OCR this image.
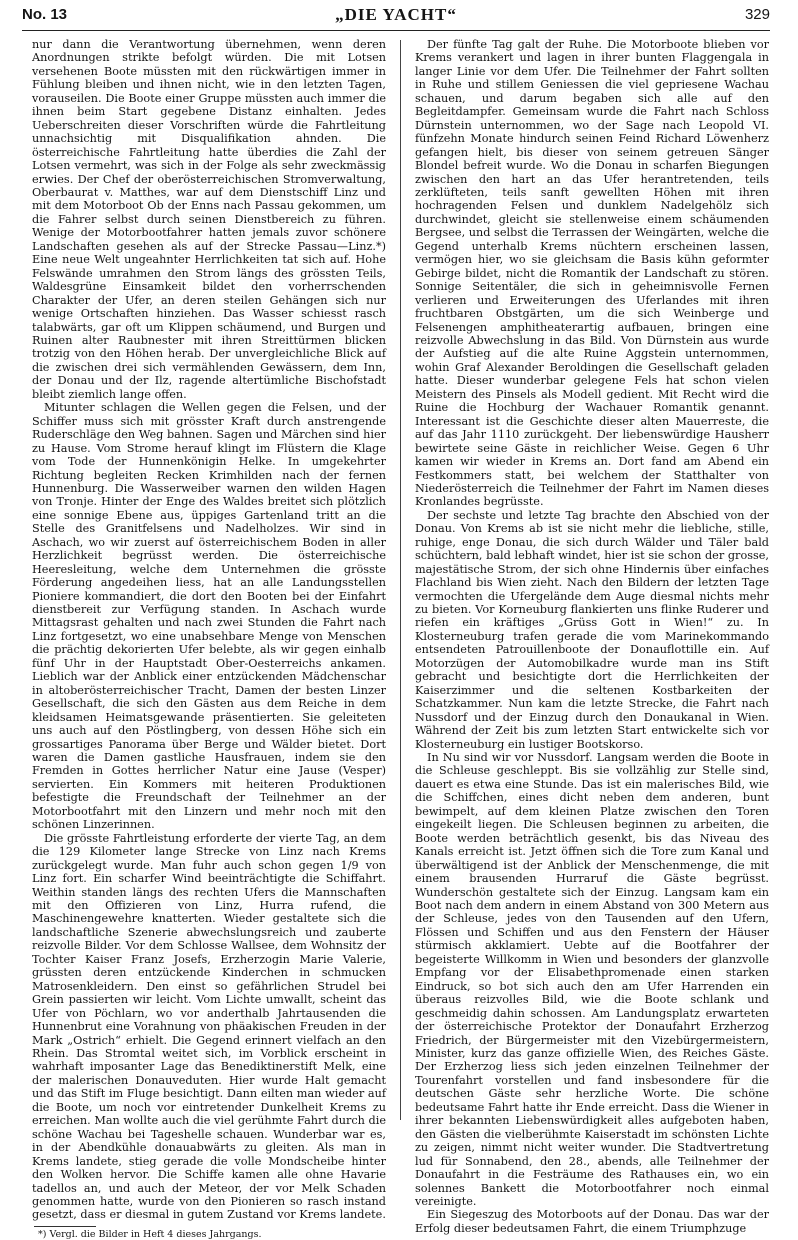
No. 13	„DIE YACHT“	329

nur dann die Verantwortung übernehmen, wenn deren Anordnungen strikte befolgt würden. Die mit Lotsen versehenen Boote müssten mit den rückwärtigen immer in Fühlung bleiben und ihnen nicht, wie in den letzten Tagen, vorauseilen. Die Boote einer Gruppe müssten auch immer die ihnen beim Start gegebene Distanz einhalten. Jedes Ueberschreiten dieser Vorschriften würde die Fahrtleitung unnachsichtig mit Disqualifikation ahnden. Die österreichische Fahrtleitung hatte überdies die Zahl der Lotsen vermehrt, was sich in der Folge als sehr zweckmässig erwies. Der Chef der oberösterreichischen Stromverwaltung, Oberbaurat v. Matthes, war auf dem Dienstschiff Linz und mit dem Motorboot Ob der Enns nach Passau gekommen, um die Fahrer selbst durch seinen Dienstbereich zu führen. Wenige der Motorbootfahrer hatten jemals zuvor schönere Landschaften gesehen als auf der Strecke Passau—Linz.*) Eine neue Welt ungeahnter Herrlichkeiten tat sich auf. Hohe Felswände umrahmen den Strom längs des grössten Teils, Waldesgrüne Einsamkeit bildet den vorherrschenden Charakter der Ufer, an deren steilen Gehängen sich nur wenige Ortschaften hinziehen. Das Wasser schiesst rasch talabwärts, gar oft um Klippen schäumend, und Burgen und Ruinen alter Raubnester mit ihren Streittürmen blicken trotzig von den Höhen herab. Der unvergleichliche Blick auf die zwischen drei sich vermählenden Gewässern, dem Inn, der Donau und der Ilz, ragende altertümliche Bischofstadt bleibt ziemlich lange offen.

Mitunter schlagen die Wellen gegen die Felsen, und der Schiffer muss sich mit grösster Kraft durch anstrengende Ruderschläge den Weg bahnen. Sagen und Märchen sind hier zu Hause. Vom Strome herauf klingt im Flüstern die Klage vom Tode der Hunnenkönigin Helke. In umgekehrter Richtung begleiten Recken Krimhilden nach der fernen Hunnenburg. Die Wasserweiber warnen den wilden Hagen von Tronje. Hinter der Enge des Waldes breitet sich plötzlich eine sonnige Ebene aus, üppiges Gartenland tritt an die Stelle des Granitfelsens und Nadelholzes. Wir sind in Aschach, wo wir zuerst auf österreichischem Boden in aller Herzlichkeit begrüsst werden. Die österreichische Heeresleitung, welche dem Unternehmen die grösste Förderung angedeihen liess, hat an alle Landungsstellen Pioniere kommandiert, die dort den Booten bei der Einfahrt dienstbereit zur Verfügung standen. In Aschach wurde Mittagsrast gehalten und nach zwei Stunden die Fahrt nach Linz fortgesetzt, wo eine unabsehbare Menge von Menschen die prächtig dekorierten Ufer belebte, als wir gegen einhalb fünf Uhr in der Hauptstadt Ober-Oesterreichs ankamen. Lieblich war der Anblick einer entzückenden Mädchenschar in altoberösterreichischer Tracht, Damen der besten Linzer Gesellschaft, die sich den Gästen aus dem Reiche in dem kleidsamen Heimatsgewande präsentierten. Sie geleiteten uns auch auf den Pöstlingberg, von dessen Höhe sich ein grossartiges Panorama über Berge und Wälder bietet. Dort waren die Damen gastliche Hausfrauen, indem sie den Fremden in Gottes herrlicher Natur eine Jause (Vesper) servierten. Ein Kommers mit heiteren Produktionen befestigte die Freundschaft der Teilnehmer an der Motorbootfahrt mit den Linzern und mehr noch mit den schönen Linzerinnen.

Die grösste Fahrtleistung erforderte der vierte Tag, an dem die 129 Kilometer lange Strecke von Linz nach Krems zurückgelegt wurde. Man fuhr auch schon gegen 1/9 von Linz fort. Ein scharfer Wind beeinträchtigte die Schiffahrt. Weithin standen längs des rechten Ufers die Mannschaften mit den Offizieren von Linz, Hurra rufend, die Maschinengewehre knatterten. Wieder gestaltete sich die landschaftliche Szenerie abwechslungsreich und zauberte reizvolle Bilder. Vor dem Schlosse Wallsee, dem Wohnsitz der Tochter Kaiser Franz Josefs, Erzherzogin Marie Valerie, grüssten deren entzückende Kinderchen in schmucken Matrosenkleidern. Den einst so gefährlichen Strudel bei Grein passierten wir leicht. Vom Lichte umwallt, scheint das Ufer von Pöchlarn, wo vor anderthalb Jahrtausenden die Hunnenbrut eine Vorahnung von phäakischen Freuden in der Mark „Ostrich“ erhielt. Die Gegend erinnert vielfach an den Rhein. Das Stromtal weitet sich, im Vorblick erscheint in wahrhaft imposanter Lage das Benediktinerstift Melk, eine der malerischen Donauveduten. Hier wurde Halt gemacht und das Stift im Fluge besichtigt. Dann eilten man wieder auf die Boote, um noch vor eintretender Dunkelheit Krems zu erreichen. Man wollte auch die viel gerühmte Fahrt durch die schöne Wachau bei Tageshelle schauen. Wunderbar war es, in der Abendkühle donauabwärts zu gleiten. Als man in Krems landete, stieg gerade die volle Mondscheibe hinter den Wolken hervor. Die Schiffe kamen alle ohne Havarie tadellos an, und auch der Meteor, der vor Melk Schaden genommen hatte, wurde von den Pionieren so rasch instand gesetzt, dass er diesmal in gutem Zustand vor Krems landete.

*) Vergl. die Bilder in Heft 4 dieses Jahrgangs.

Der fünfte Tag galt der Ruhe. Die Motorboote blieben vor Krems verankert und lagen in ihrer bunten Flaggengala in langer Linie vor dem Ufer. Die Teilnehmer der Fahrt sollten in Ruhe und stillem Geniessen die viel gepriesene Wachau schauen, und darum begaben sich alle auf den Begleitdampfer. Gemeinsam wurde die Fahrt nach Schloss Dürnstein unternommen, wo der Sage nach Leopold VI. fünfzehn Monate hindurch seinen Feind Richard Löwenherz gefangen hielt, bis dieser von seinem getreuen Sänger Blondel befreit wurde. Wo die Donau in scharfen Biegungen zwischen den hart an das Ufer herantretenden, teils zerklüfteten, teils sanft gewellten Höhen mit ihren hochragenden Felsen und dunklem Nadelgehölz sich durchwindet, gleicht sie stellenweise einem schäumenden Bergsee, und selbst die Terrassen der Weingärten, welche die Gegend unterhalb Krems nüchtern erscheinen lassen, vermögen hier, wo sie gleichsam die Basis kühn geformter Gebirge bildet, nicht die Romantik der Landschaft zu stören. Sonnige Seitentäler, die sich in geheimnisvolle Fernen verlieren und Erweiterungen des Uferlandes mit ihren fruchtbaren Obstgärten, um die sich Weinberge und Felsenengen amphitheaterartig aufbauen, bringen eine reizvolle Abwechslung in das Bild. Von Dürnstein aus wurde der Aufstieg auf die alte Ruine Aggstein unternommen, wohin Graf Alexander Beroldingen die Gesellschaft geladen hatte. Dieser wunderbar gelegene Fels hat schon vielen Meistern des Pinsels als Modell gedient. Mit Recht wird die Ruine die Hochburg der Wachauer Romantik genannt. Interessant ist die Geschichte dieser alten Mauerreste, die auf das Jahr 1110 zurückgeht. Der liebenswürdige Hausherr bewirtete seine Gäste in reichlicher Weise. Gegen 6 Uhr kamen wir wieder in Krems an. Dort fand am Abend ein Festkommers statt, bei welchem der Statthalter von Niederösterreich die Teilnehmer der Fahrt im Namen dieses Kronlandes begrüsste.

Der sechste und letzte Tag brachte den Abschied von der Donau. Von Krems ab ist sie nicht mehr die liebliche, stille, ruhige, enge Donau, die sich durch Wälder und Täler bald schüchtern, bald lebhaft windet, hier ist sie schon der grosse, majestätische Strom, der sich ohne Hindernis über einfaches Flachland bis Wien zieht. Nach den Bildern der letzten Tage vermochten die Ufergelände dem Auge diesmal nichts mehr zu bieten. Vor Korneuburg flankierten uns flinke Ruderer und riefen ein kräftiges „Grüss Gott in Wien!“ zu. In Klosterneuburg trafen gerade die vom Marinekommando entsendeten Patrouillenboote der Donauflottille ein. Auf Motorzügen der Automobilkadre wurde man ins Stift gebracht und besichtigte dort die Herrlichkeiten der Kaiserzimmer und die seltenen Kostbarkeiten der Schatzkammer. Nun kam die letzte Strecke, die Fahrt nach Nussdorf und der Einzug durch den Donaukanal in Wien. Während der Zeit bis zum letzten Start entwickelte sich vor Klosterneuburg ein lustiger Bootskorso.

In Nu sind wir vor Nussdorf. Langsam werden die Boote in die Schleuse geschleppt. Bis sie vollzählig zur Stelle sind, dauert es etwa eine Stunde. Das ist ein malerisches Bild, wie die Schiffchen, eines dicht neben dem anderen, bunt bewimpelt, auf dem kleinen Platze zwischen den Toren eingekeilt liegen. Die Schleusen beginnen zu arbeiten, die Boote werden beträchtlich gesenkt, bis das Niveau des Kanals erreicht ist. Jetzt öffnen sich die Tore zum Kanal und überwältigend ist der Anblick der Menschenmenge, die mit einem brausenden Hurraruf die Gäste begrüsst. Wunderschön gestaltete sich der Einzug. Langsam kam ein Boot nach dem andern in einem Abstand von 300 Metern aus der Schleuse, jedes von den Tausenden auf den Ufern, Flössen und Schiffen und aus den Fenstern der Häuser stürmisch akklamiert. Uebte auf die Bootfahrer der begeisterte Willkomm in Wien und besonders der glanzvolle Empfang vor der Elisabethpromenade einen starken Eindruck, so bot sich auch den am Ufer Harrenden ein überaus reizvolles Bild, wie die Boote schlank und geschmeidig dahin schossen. Am Landungsplatz erwarteten der österreichische Protektor der Donaufahrt Erzherzog Friedrich, der Bürgermeister mit den Vizebürgermeistern, Minister, kurz das ganze offizielle Wien, des Reiches Gäste. Der Erzherzog liess sich jeden einzelnen Teilnehmer der Tourenfahrt vorstellen und fand insbesondere für die deutschen Gäste sehr herzliche Worte. Die schöne bedeutsame Fahrt hatte ihr Ende erreicht. Dass die Wiener in ihrer bekannten Liebenswürdigkeit alles aufgeboten haben, den Gästen die vielberühmte Kaiserstadt im schönsten Lichte zu zeigen, nimmt nicht weiter wunder. Die Stadtvertretung lud für Sonnabend, den 28., abends, alle Teilnehmer der Donaufahrt in die Festräume des Rathauses ein, wo ein solennes Bankett die Motorbootfahrer noch einmal vereinigte.

Ein Siegeszug des Motorboots auf der Donau. Das war der Erfolg dieser bedeutsamen Fahrt, die einem Triumphzuge
